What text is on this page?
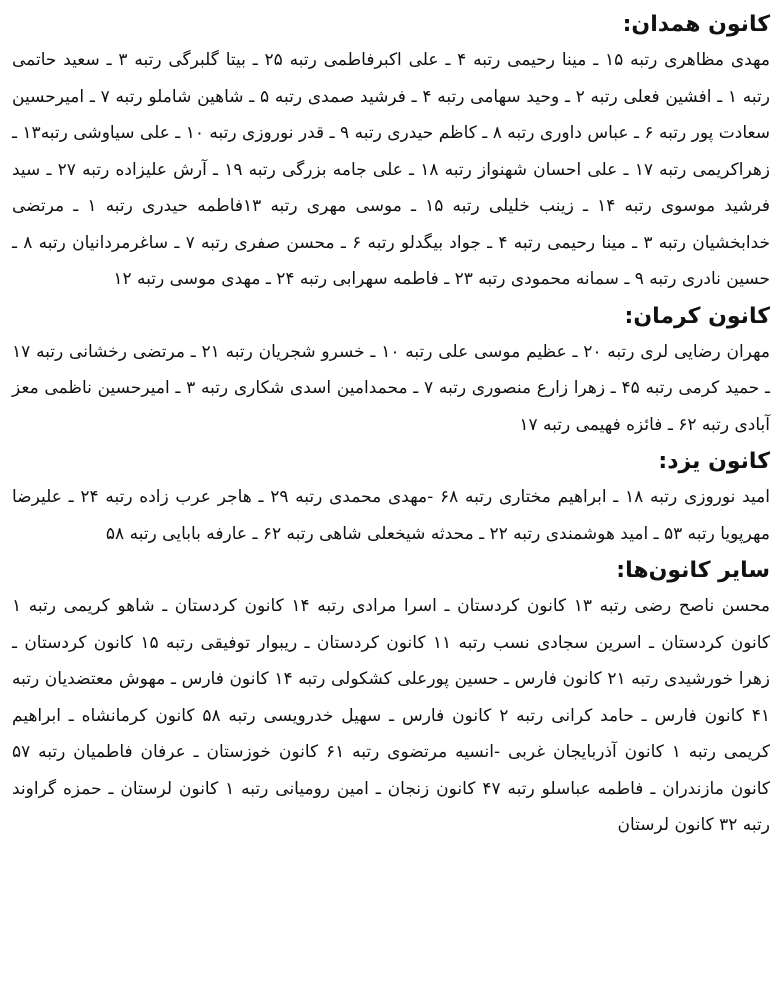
کانون همدان:

مهدی مظاهری رتبه ۱۵ ـ مینا رحیمی رتبه ۴ ـ علی اکبرفاطمی رتبه ۲۵ ـ بیتا گلبرگی رتبه ۳ ـ سعید حاتمی رتبه ۱ ـ افشین فعلی رتبه ۲ ـ وحید سهامی رتبه ۴ ـ فرشید صمدی رتبه ۵ ـ شاهین شاملو رتبه ۷ ـ امیرحسین سعادت پور رتبه ۶ ـ عباس داوری رتبه ۸ ـ کاظم حیدری رتبه ۹ ـ قدر نوروزی رتبه ۱۰ ـ علی سیاوشی رتبه۱۳ ـ زهراکریمی رتبه ۱۷ ـ علی احسان شهنواز رتبه ۱۸ ـ علی جامه بزرگی رتبه ۱۹ ـ آرش علیزاده رتبه ۲۷ ـ سید فرشید موسوی رتبه ۱۴ ـ زینب خلیلی رتبه ۱۵ ـ موسی مهری رتبه ۱۳فاطمه حیدری رتبه ۱ ـ مرتضی خدابخشیان رتبه ۳ ـ مینا رحیمی رتبه ۴ ـ جواد بیگدلو رتبه ۶ ـ محسن صفری رتبه ۷ ـ ساغرمردانیان رتبه ۸ ـ حسین نادری رتبه ۹ ـ سمانه محمودی رتبه ۲۳ ـ فاطمه سهرابی رتبه ۲۴ ـ مهدی موسی رتبه ۱۲

کانون کرمان:

مهران رضایی لری رتبه ۲۰ ـ عظیم موسی علی رتبه ۱۰ ـ خسرو شجریان رتبه ۲۱ ـ مرتضی رخشانی رتبه ۱۷ ـ حمید کرمی رتبه ۴۵ ـ زهرا زارع منصوری رتبه ۷ ـ محمدامین اسدی شکاری رتبه ۳ ـ امیرحسین ناظمی معز آبادی رتبه ۶۲ ـ فائزه فهیمی رتبه ۱۷

کانون یزد:

امید نوروزی رتبه ۱۸ ـ ابراهیم مختاری رتبه ۶۸ -مهدی محمدی رتبه ۲۹ ـ هاجر عرب زاده رتبه ۲۴ ـ علیرضا مهرپویا رتبه ۵۳ ـ امید هوشمندی رتبه ۲۲ ـ محدثه شیخعلی شاهی رتبه ۶۲ ـ عارفه بابایی رتبه ۵۸

سایر کانون‌ها:

محسن ناصح رضی رتبه ۱۳ کانون کردستان ـ اسرا مرادی رتبه ۱۴ کانون کردستان ـ شاهو کریمی رتبه ۱ کانون کردستان ـ اسرین سجادی نسب رتبه ۱۱ کانون کردستان ـ ریبوار توفیقی رتبه ۱۵ کانون کردستان ـ زهرا خورشیدی رتبه ۲۱ کانون فارس ـ حسین پورعلی کشکولی رتبه ۱۴ کانون فارس ـ مهوش معتضدیان رتبه ۴۱ کانون فارس ـ حامد کرانی رتبه ۲ کانون فارس ـ سهیل خدرویسی رتبه ۵۸ کانون کرمانشاه ـ ابراهیم کریمی رتبه ۱ کانون آذربایجان غربی -انسیه مرتضوی رتبه ۶۱ کانون خوزستان ـ عرفان فاطمیان رتبه ۵۷ کانون مازندران ـ فاطمه عباسلو رتبه ۴۷ کانون زنجان ـ امین رومیانی رتبه ۱ کانون لرستان ـ حمزه گراوند رتبه ۳۲ کانون لرستان
